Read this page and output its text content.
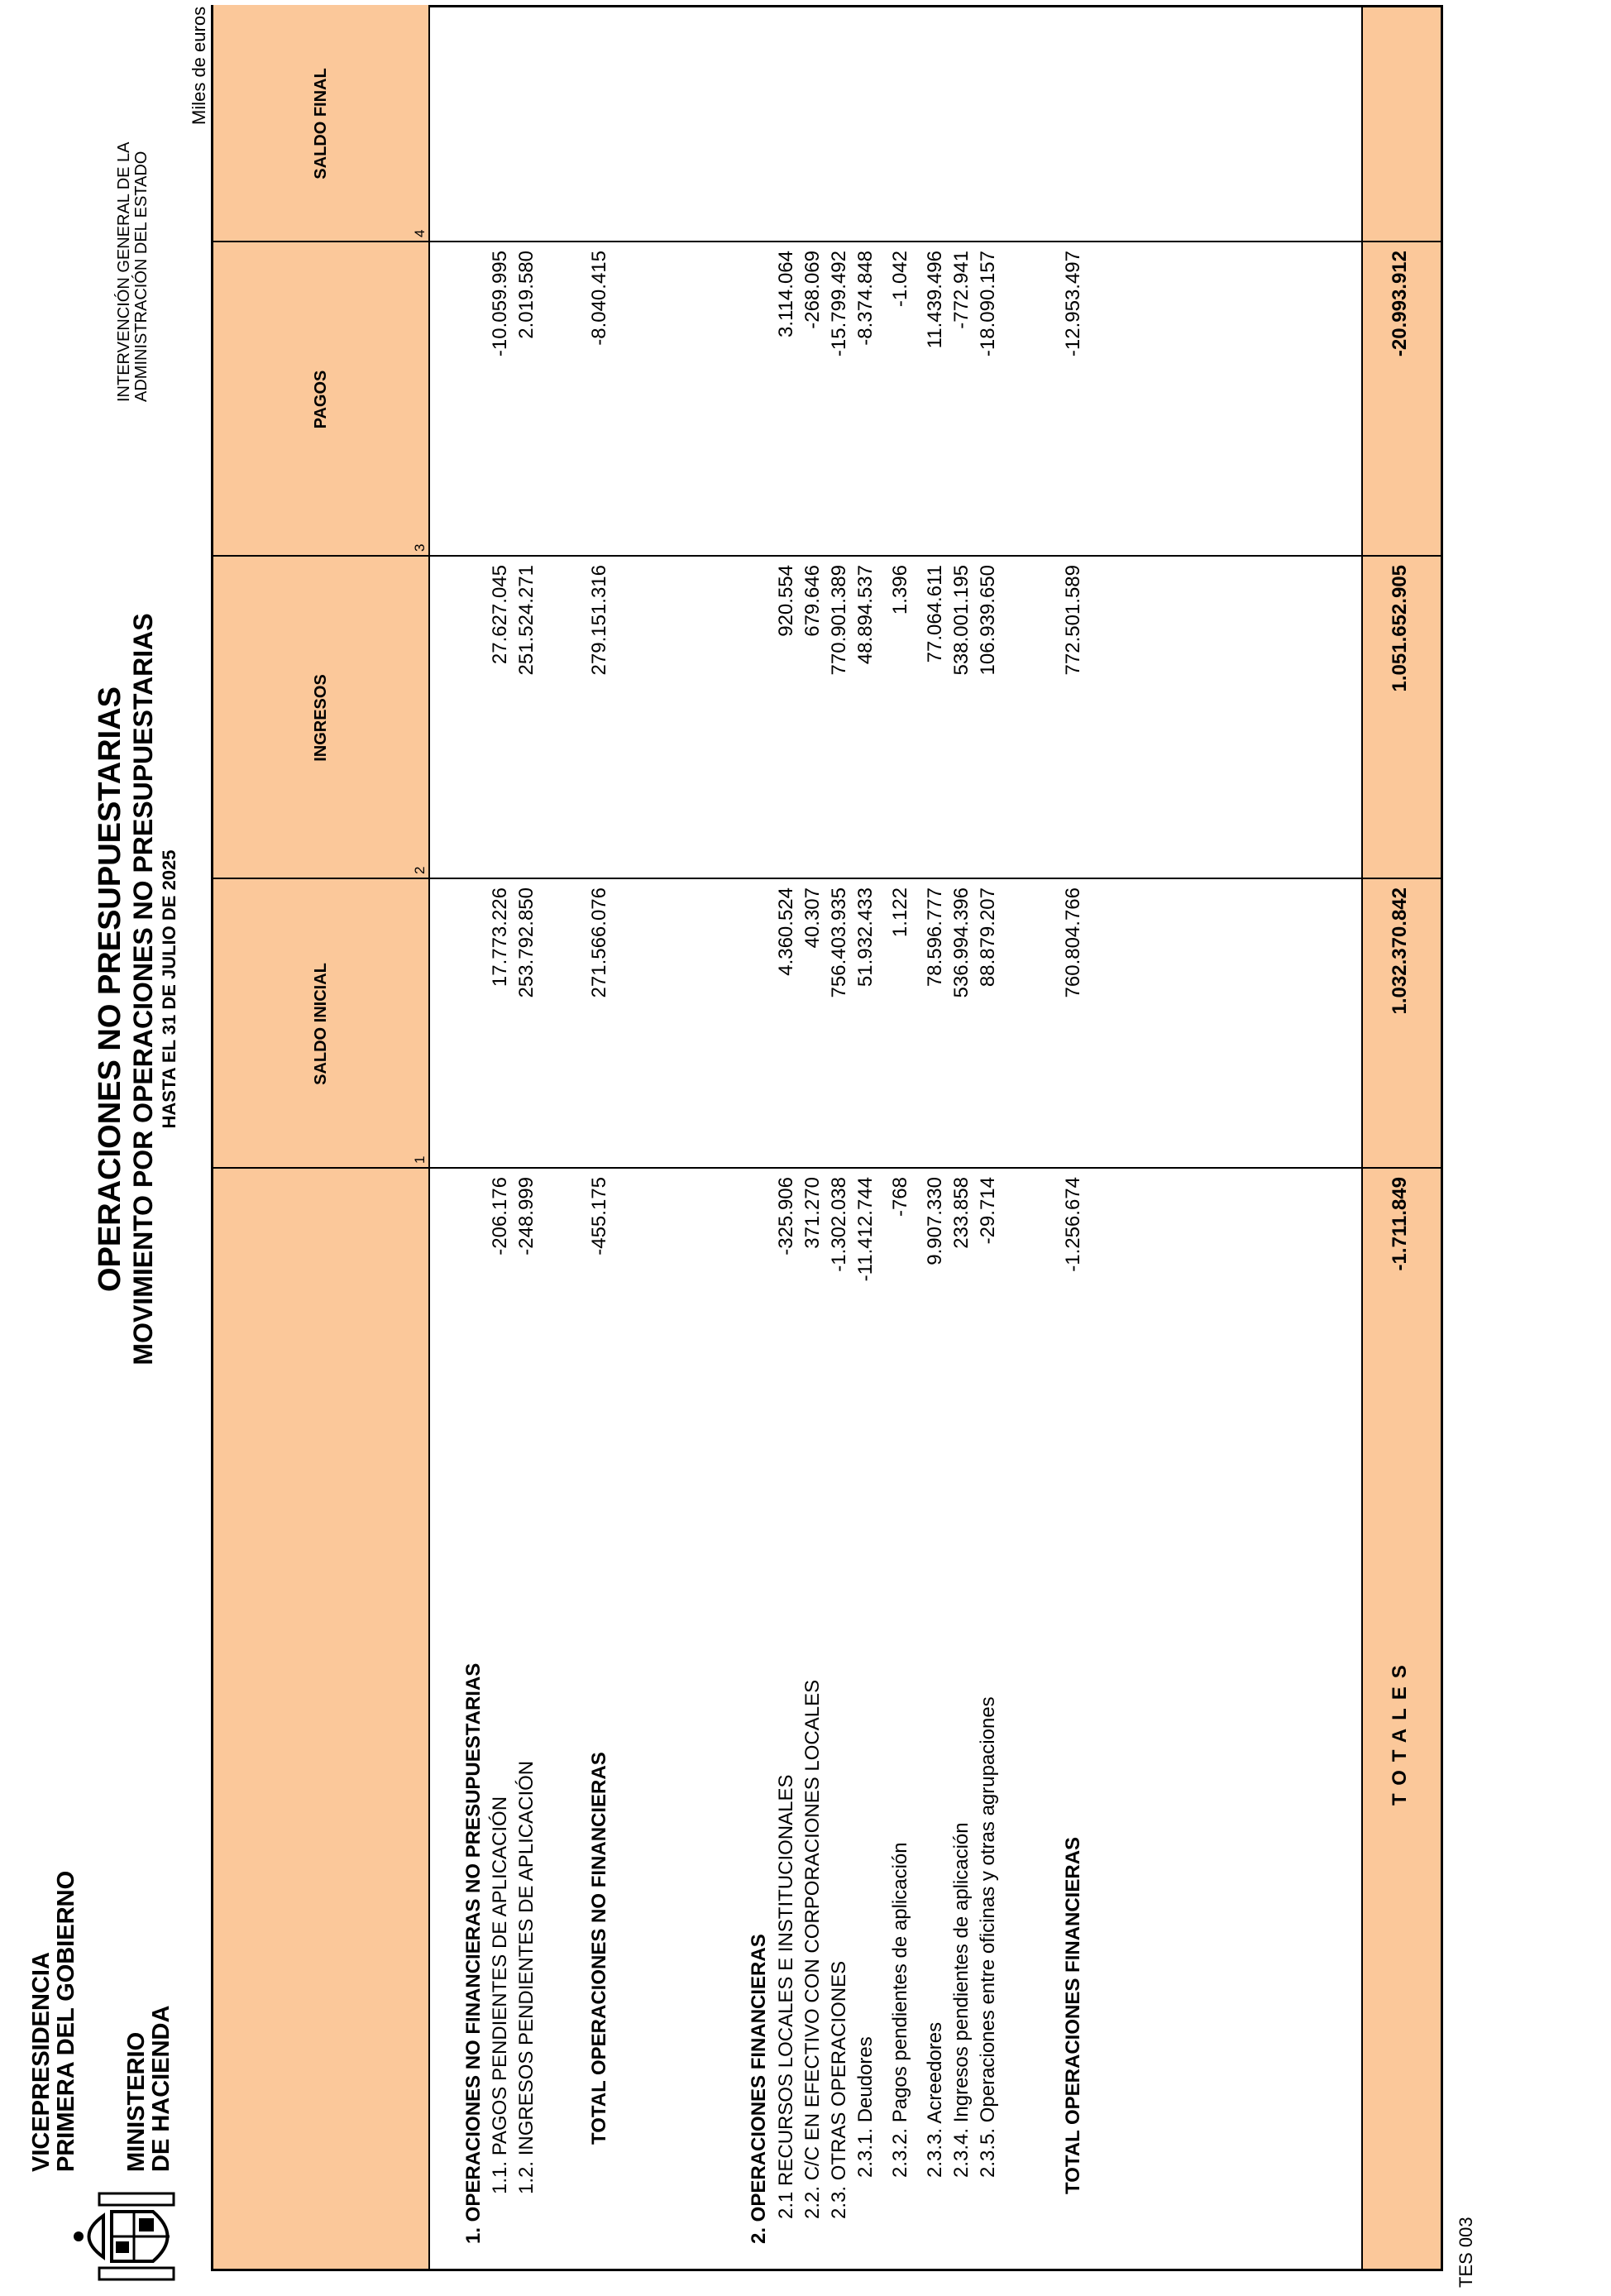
VICEPRESIDENCIA
PRIMERA DEL GOBIERNO MINISTERIO
DE HACIENDA
OPERACIONES NO PRESUPUESTARIAS MOVIMIENTO POR OPERACIONES NO PRESUPUESTARIAS HASTA EL 31 DE JULIO DE 2025
INTERVENCIÓN GENERAL DE LA ADMINISTRACIÓN DEL ESTADO
Miles de euros
SALDO INICIAL
INGRESOS
PAGOS
SALDO FINAL
1
2
3
4
1. OPERACIONES NO FINANCIERAS NO PRESUPUESTARIAS 1.1. PAGOS PENDIENTES DE APLICACIÓN
-206.176
17.773.226
27.627.045
-10.059.995
1.2. INGRESOS PENDIENTES DE APLICACIÓN
-248.999
253.792.850
251.524.271
2.019.580
TOTAL OPERACIONES NO FINANCIERAS
-455.175
271.566.076
279.151.316
-8.040.415
2. OPERACIONES FINANCIERAS 2.1 RECURSOS LOCALES E INSTITUCIONALES
-325.906
4.360.524
920.554
3.114.064
2.2. C/C EN EFECTIVO CON CORPORACIONES LOCALES
371.270
40.307
679.646
-268.069
2.3. OTRAS OPERACIONES
-1.302.038
756.403.935
770.901.389
-15.799.492
2.3.1. Deudores
-11.412.744
51.932.433
48.894.537
-8.374.848
2.3.2. Pagos pendientes de aplicación
-768
1.122
1.396
-1.042
2.3.3. Acreedores
9.907.330
78.596.777
77.064.611
11.439.496
2.3.4. Ingresos pendientes de aplicación
233.858
536.994.396
538.001.195
-772.941
2.3.5. Operaciones entre oficinas y otras agrupaciones
-29.714
88.879.207
106.939.650
-18.090.157
TOTAL OPERACIONES FINANCIERAS
-1.256.674
760.804.766
772.501.589
-12.953.497
TOTALES
-1.711.849
1.032.370.842
1.051.652.905
-20.993.912
TES 003
